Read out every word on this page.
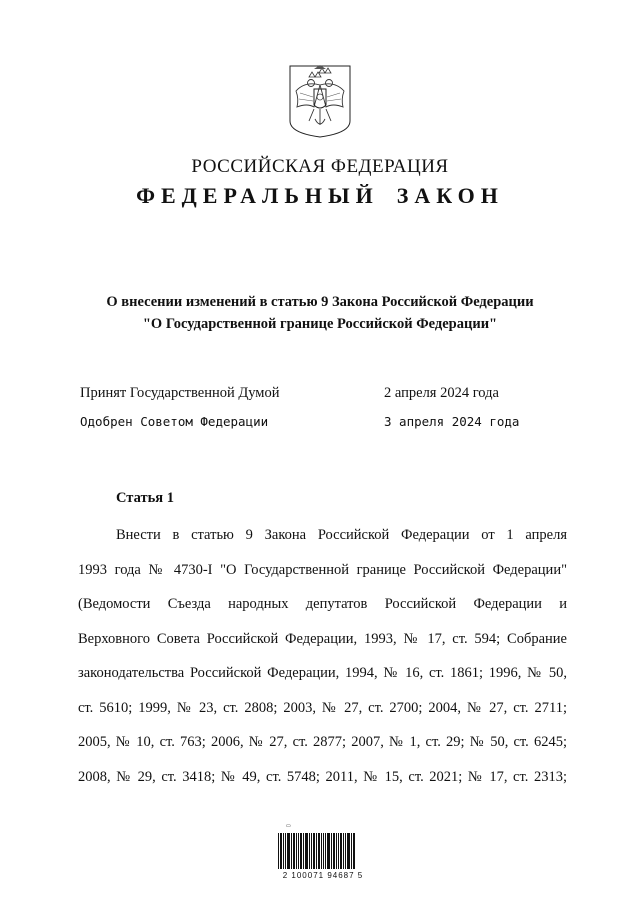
РОССИЙСКАЯ ФЕДЕРАЦИЯ
ФЕДЕРАЛЬНЫЙ ЗАКОН
О внесении изменений в статью 9 Закона Российской Федерации
"О Государственной границе Российской Федерации"
Принят Государственной Думой	2 апреля 2024 года
Одобрен Советом Федерации	3 апреля 2024 года
Статья 1
Внести в статью 9 Закона Российской Федерации от 1 апреля
1993 года № 4730-I "О Государственной границе Российской Федерации"
(Ведомости Съезда народных депутатов Российской Федерации и
Верховного Совета Российской Федерации, 1993, № 17, ст. 594; Собрание
законодательства Российской Федерации, 1994, № 16, ст. 1861; 1996, № 50,
ст. 5610; 1999, № 23, ст. 2808; 2003, № 27, ст. 2700; 2004, № 27, ст. 2711;
2005, № 10, ст. 763; 2006, № 27, ст. 2877; 2007, № 1, ст. 29; № 50, ст. 6245;
2008, № 29, ст. 3418; № 49, ст. 5748; 2011, № 15, ст. 2021; № 17, ст. 2313;
▭
2 100071 94687 5
